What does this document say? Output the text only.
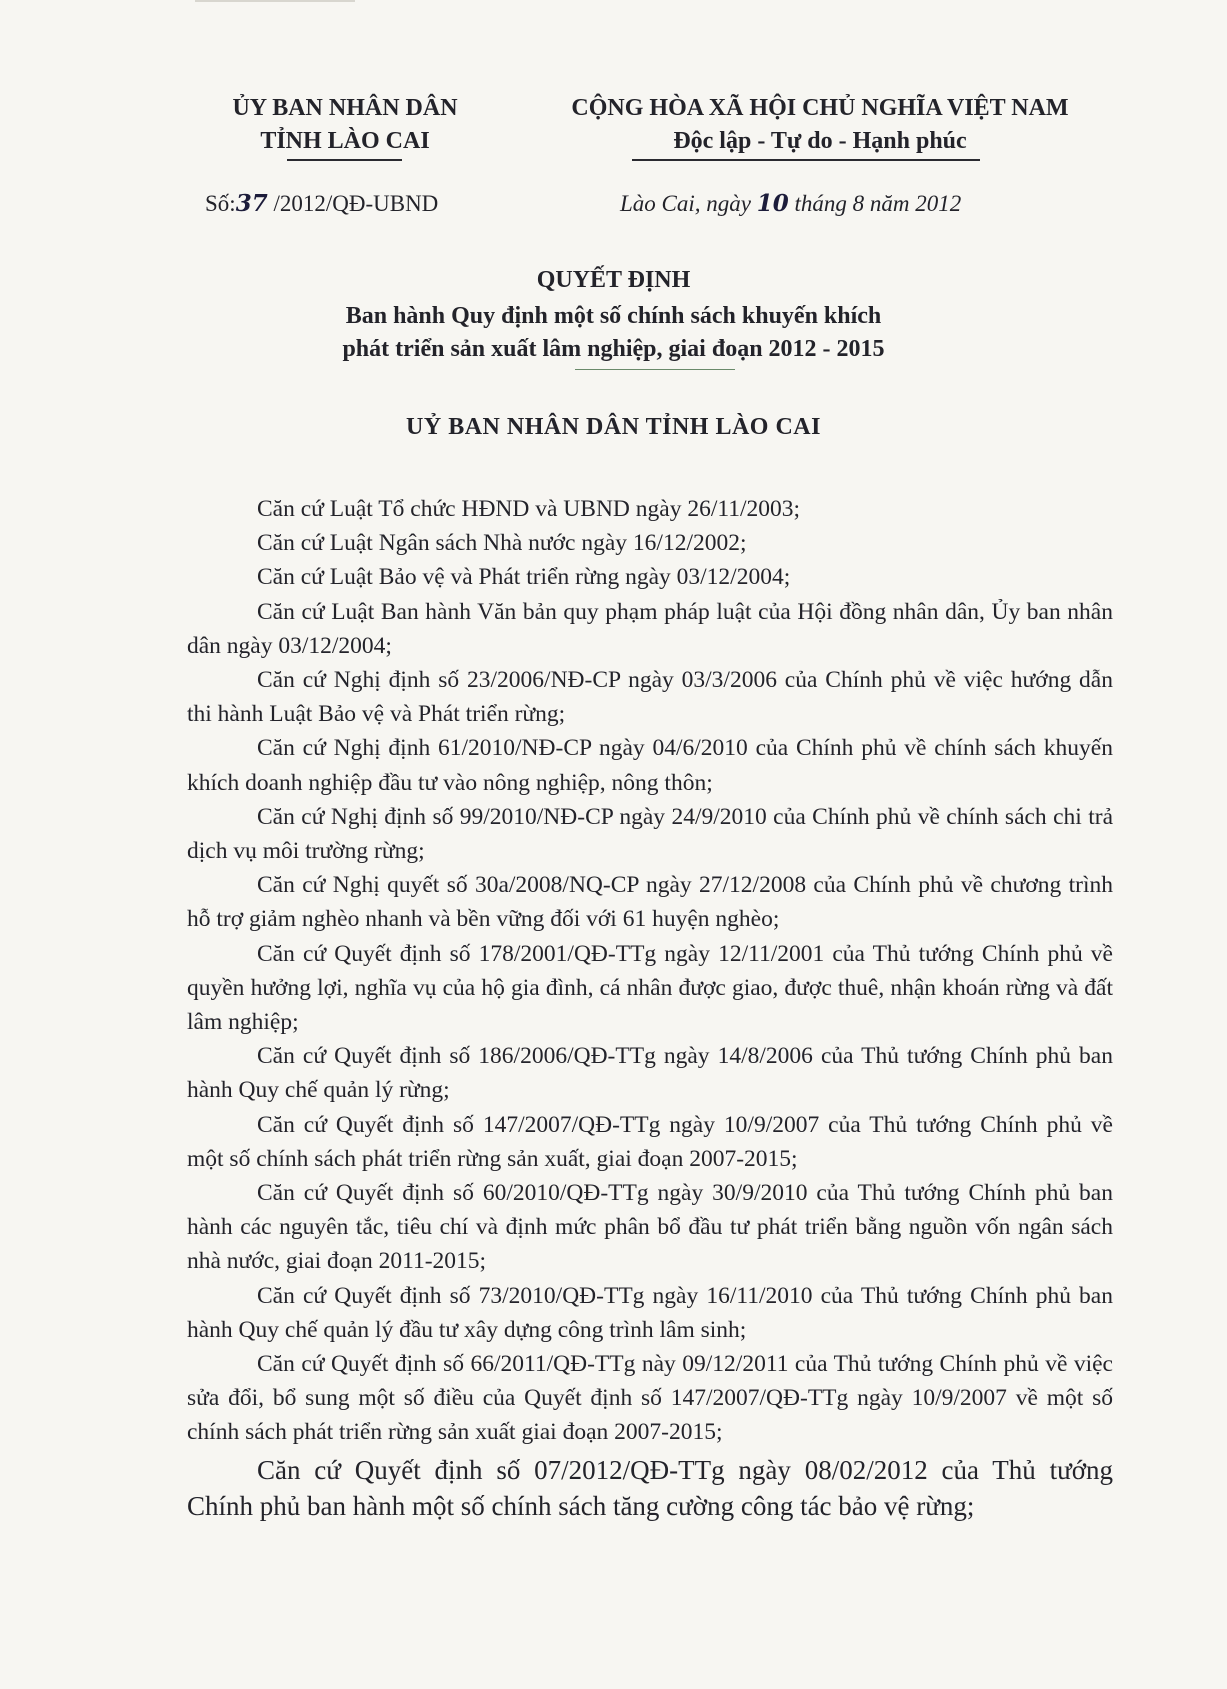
ỦY BAN NHÂN DÂN
TỈNH LÀO CAI
CỘNG HÒA XÃ HỘI CHỦ NGHĨA VIỆT NAM
Độc lập - Tự do - Hạnh phúc
Số:37 /2012/QĐ-UBND	Lào Cai, ngày 10 tháng 8 năm 2012
QUYẾT ĐỊNH
Ban hành Quy định một số chính sách khuyến khích
phát triển sản xuất lâm nghiệp, giai đoạn 2012 - 2015
UỶ BAN NHÂN DÂN TỈNH LÀO CAI

Căn cứ Luật Tổ chức HĐND và UBND ngày 26/11/2003;

Căn cứ Luật Ngân sách Nhà nước ngày 16/12/2002;

Căn cứ Luật Bảo vệ và Phát triển rừng ngày 03/12/2004;

Căn cứ Luật Ban hành Văn bản quy phạm pháp luật của Hội đồng nhân dân, Ủy ban nhân dân ngày 03/12/2004;

Căn cứ Nghị định số 23/2006/NĐ-CP ngày 03/3/2006 của Chính phủ về việc hướng dẫn thi hành Luật Bảo vệ và Phát triển rừng;

Căn cứ Nghị định 61/2010/NĐ-CP ngày 04/6/2010 của Chính phủ về chính sách khuyến khích doanh nghiệp đầu tư vào nông nghiệp, nông thôn;

Căn cứ Nghị định số 99/2010/NĐ-CP ngày 24/9/2010 của Chính phủ về chính sách chi trả dịch vụ môi trường rừng;

Căn cứ Nghị quyết số 30a/2008/NQ-CP ngày 27/12/2008 của Chính phủ về chương trình hỗ trợ giảm nghèo nhanh và bền vững đối với 61 huyện nghèo;

Căn cứ Quyết định số 178/2001/QĐ-TTg ngày 12/11/2001 của Thủ tướng Chính phủ về quyền hưởng lợi, nghĩa vụ của hộ gia đình, cá nhân được giao, được thuê, nhận khoán rừng và đất lâm nghiệp;

Căn cứ Quyết định số 186/2006/QĐ-TTg ngày 14/8/2006 của Thủ tướng Chính phủ ban hành Quy chế quản lý rừng;

Căn cứ Quyết định số 147/2007/QĐ-TTg ngày 10/9/2007 của Thủ tướng Chính phủ về một số chính sách phát triển rừng sản xuất, giai đoạn 2007-2015;

Căn cứ Quyết định số 60/2010/QĐ-TTg ngày 30/9/2010 của Thủ tướng Chính phủ ban hành các nguyên tắc, tiêu chí và định mức phân bổ đầu tư phát triển bằng nguồn vốn ngân sách nhà nước, giai đoạn 2011-2015;

Căn cứ Quyết định số 73/2010/QĐ-TTg ngày 16/11/2010 của Thủ tướng Chính phủ ban hành Quy chế quản lý đầu tư xây dựng công trình lâm sinh;

Căn cứ Quyết định số 66/2011/QĐ-TTg này 09/12/2011 của Thủ tướng Chính phủ về việc sửa đổi, bổ sung một số điều của Quyết định số 147/2007/QĐ-TTg ngày 10/9/2007 về một số chính sách phát triển rừng sản xuất giai đoạn 2007-2015;

Căn cứ Quyết định số 07/2012/QĐ-TTg ngày 08/02/2012 của Thủ tướng Chính phủ ban hành một số chính sách tăng cường công tác bảo vệ rừng;
